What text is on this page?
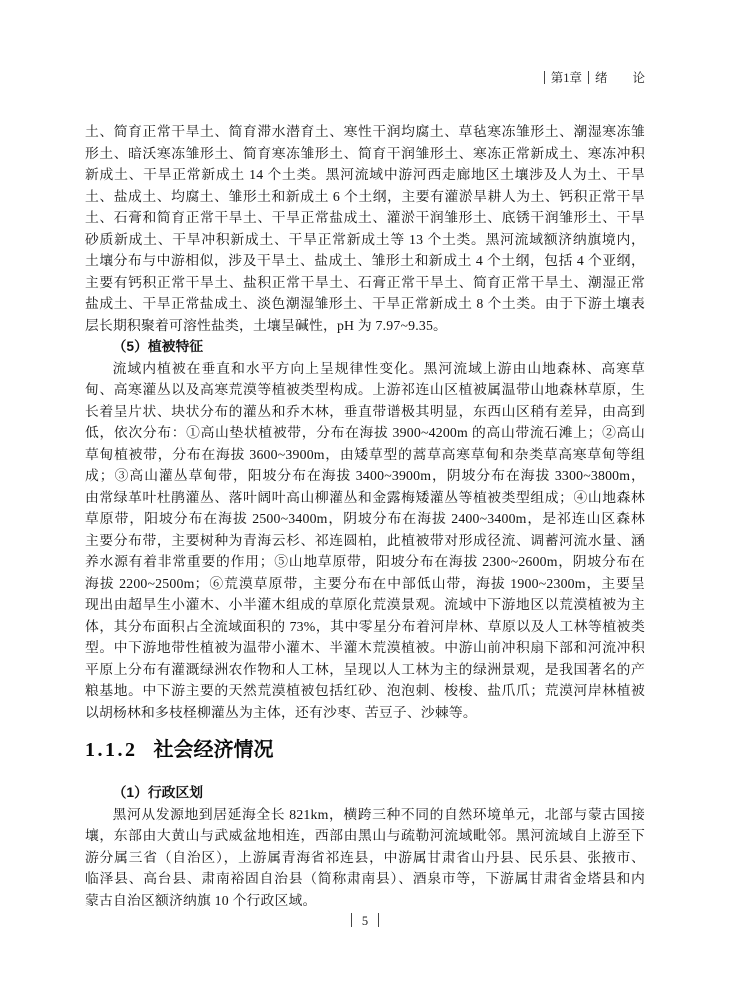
第1章 绪　　论
土、简育正常干旱土、简育滞水潜育土、寒性干润均腐土、草毡寒冻雏形土、潮湿寒冻雏
形土、暗沃寒冻雏形土、简育寒冻雏形土、简育干润雏形土、寒冻正常新成土、寒冻冲积
新成土、干旱正常新成土 14 个土类。黑河流域中游河西走廊地区土壤涉及人为土、干旱
土、盐成土、均腐土、雏形土和新成土 6 个土纲，主要有灌淤旱耕人为土、钙积正常干旱
土、石膏和简育正常干旱土、干旱正常盐成土、灌淤干润雏形土、底锈干润雏形土、干旱
砂质新成土、干旱冲积新成土、干旱正常新成土等 13 个土类。黑河流域额济纳旗境内，
土壤分布与中游相似，涉及干旱土、盐成土、雏形土和新成土 4 个土纲，包括 4 个亚纲，
主要有钙积正常干旱土、盐积正常干旱土、石膏正常干旱土、简育正常干旱土、潮湿正常
盐成土、干旱正常盐成土、淡色潮湿雏形土、干旱正常新成土 8 个土类。由于下游土壤表
层长期积聚着可溶性盐类，土壤呈碱性，pH 为 7.97~9.35。
（5）植被特征
流域内植被在垂直和水平方向上呈规律性变化。黑河流域上游由山地森林、高寒草
甸、高寒灌丛以及高寒荒漠等植被类型构成。上游祁连山区植被属温带山地森林草原，生
长着呈片状、块状分布的灌丛和乔木林，垂直带谱极其明显，东西山区稍有差异，由高到
低，依次分布：①高山垫状植被带，分布在海拔 3900~4200m 的高山带流石滩上；②高山
草甸植被带，分布在海拔 3600~3900m，由矮草型的蒿草高寒草甸和杂类草高寒草甸等组
成；③高山灌丛草甸带，阳坡分布在海拔 3400~3900m，阴坡分布在海拔 3300~3800m，
由常绿革叶杜鹃灌丛、落叶阔叶高山柳灌丛和金露梅矮灌丛等植被类型组成；④山地森林
草原带，阳坡分布在海拔 2500~3400m，阴坡分布在海拔 2400~3400m，是祁连山区森林
主要分布带，主要树种为青海云杉、祁连圆柏，此植被带对形成径流、调蓄河流水量、涵
养水源有着非常重要的作用；⑤山地草原带，阳坡分布在海拔 2300~2600m，阴坡分布在
海拔 2200~2500m；⑥荒漠草原带，主要分布在中部低山带，海拔 1900~2300m，主要呈
现出由超旱生小灌木、小半灌木组成的草原化荒漠景观。流域中下游地区以荒漠植被为主
体，其分布面积占全流域面积的 73%，其中零星分布着河岸林、草原以及人工林等植被类
型。中下游地带性植被为温带小灌木、半灌木荒漠植被。中游山前冲积扇下部和河流冲积
平原上分布有灌溉绿洲农作物和人工林，呈现以人工林为主的绿洲景观，是我国著名的产
粮基地。中下游主要的天然荒漠植被包括红砂、泡泡刺、梭梭、盐爪爪；荒漠河岸林植被
以胡杨林和多枝柽柳灌丛为主体，还有沙枣、苦豆子、沙棘等。
1.1.2 社会经济情况
（1）行政区划
黑河从发源地到居延海全长 821km，横跨三种不同的自然环境单元，北部与蒙古国接
壤，东部由大黄山与武威盆地相连，西部由黑山与疏勒河流域毗邻。黑河流域自上游至下
游分属三省（自治区），上游属青海省祁连县，中游属甘肃省山丹县、民乐县、张掖市、
临泽县、高台县、肃南裕固自治县（简称肃南县）、酒泉市等，下游属甘肃省金塔县和内
蒙古自治区额济纳旗 10 个行政区域。
5
